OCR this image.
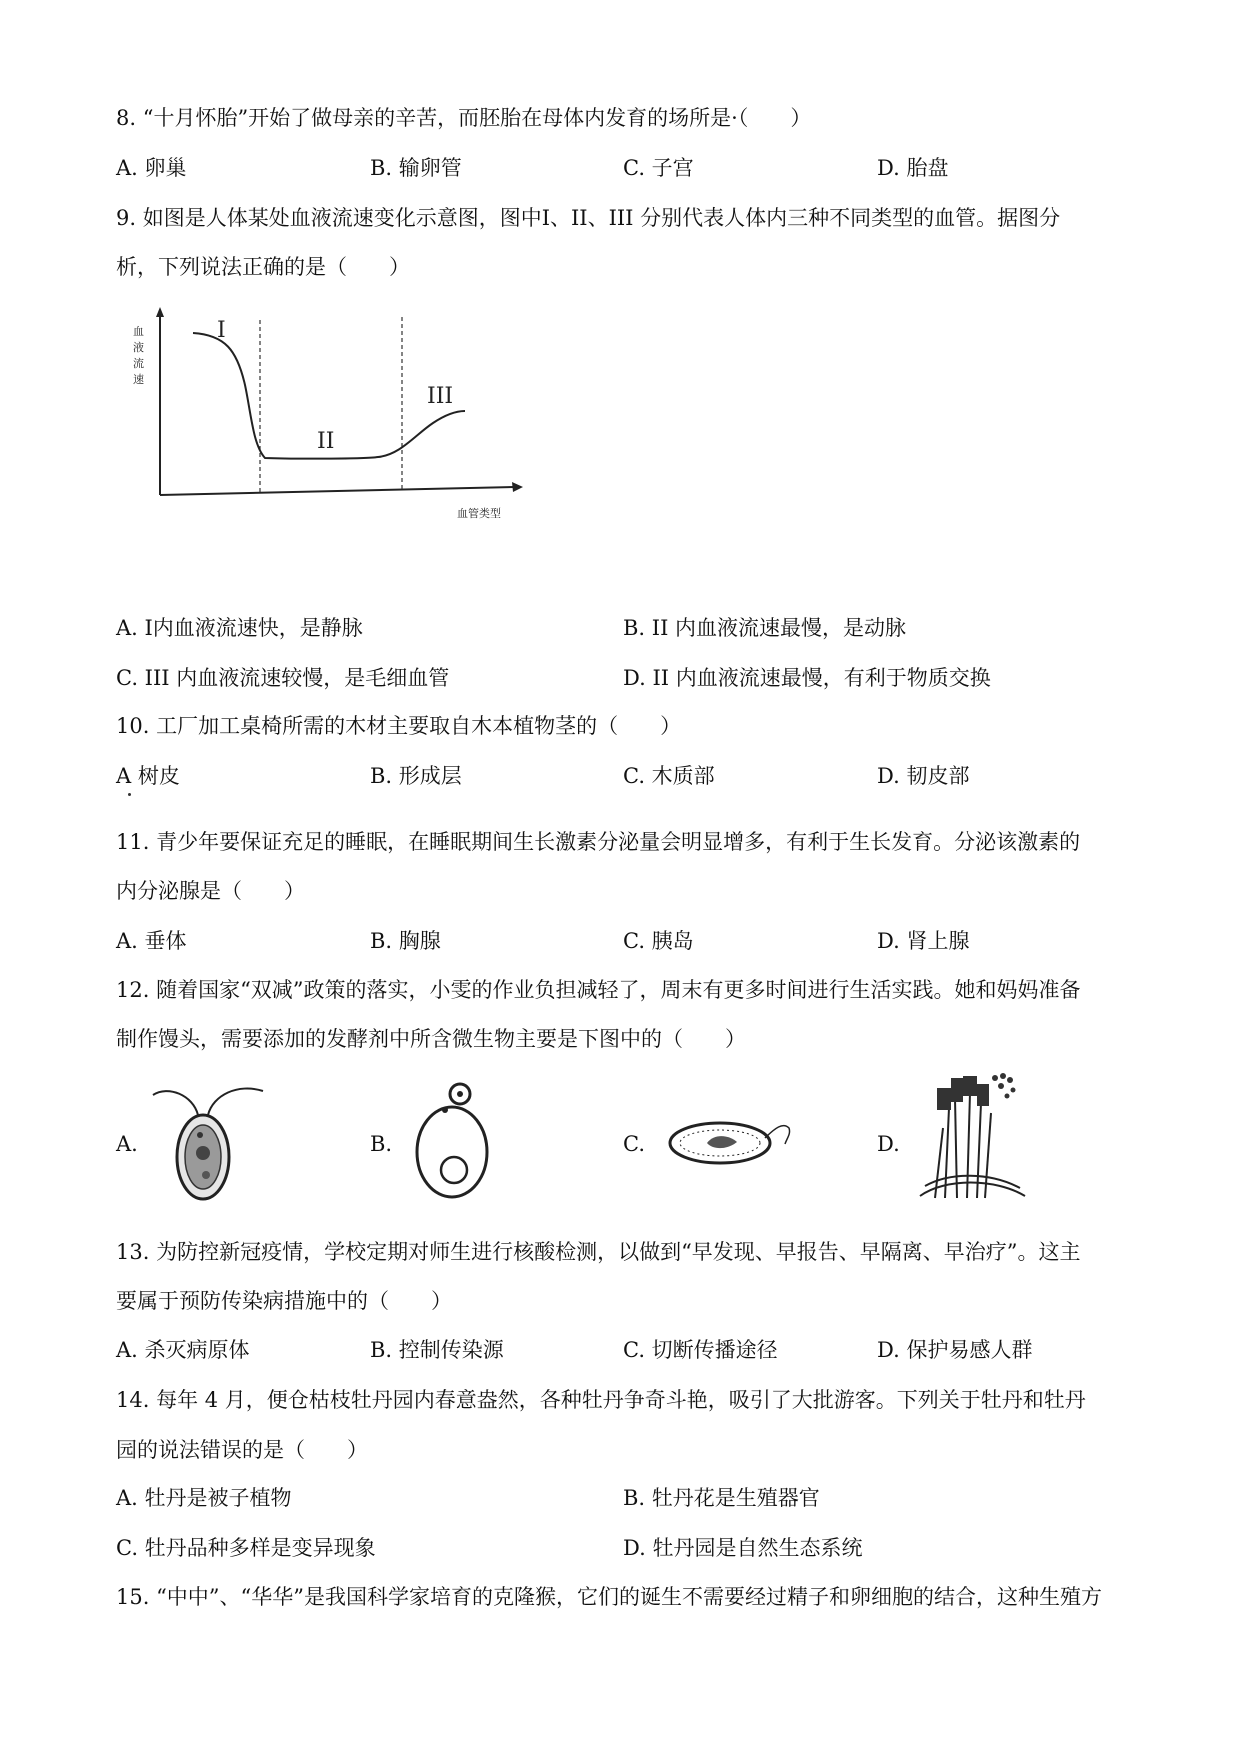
8. “十月怀胎”开始了做母亲的辛苦，而胚胎在母体内发育的场所是·（　　）
A. 卵巢	B. 输卵管	C. 子宫	D. 胎盘
9. 如图是人体某处血液流速变化示意图，图中I、II、III 分别代表人体内三种不同类型的血管。据图分
析，下列说法正确的是（　　）
血
液
流
速
I
II
III
血管类型
A. I内血液流速快，是静脉	B. II 内血液流速最慢，是动脉
C. III 内血液流速较慢，是毛细血管	D. II 内血液流速最慢，有利于物质交换
10. 工厂加工桌椅所需的木材主要取自木本植物茎的（　　）
A 树皮	B. 形成层	C. 木质部	D. 韧皮部
11. 青少年要保证充足的睡眠，在睡眠期间生长激素分泌量会明显增多，有利于生长发育。分泌该激素的
内分泌腺是（　　）
A. 垂体	B. 胸腺	C. 胰岛	D. 肾上腺
12. 随着国家“双减”政策的落实，小雯的作业负担减轻了，周末有更多时间进行生活实践。她和妈妈准备
制作馒头，需要添加的发酵剂中所含微生物主要是下图中的（　　）
A.	B.	C.	D.
13. 为防控新冠疫情，学校定期对师生进行核酸检测，以做到“早发现、早报告、早隔离、早治疗”。这主
要属于预防传染病措施中的（　　）
A. 杀灭病原体	B. 控制传染源	C. 切断传播途径	D. 保护易感人群
14. 每年 4 月，便仓枯枝牡丹园内春意盎然，各种牡丹争奇斗艳，吸引了大批游客。下列关于牡丹和牡丹
园的说法错误的是（　　）
A. 牡丹是被子植物	B. 牡丹花是生殖器官
C. 牡丹品种多样是变异现象	D. 牡丹园是自然生态系统
15. “中中”、“华华”是我国科学家培育的克隆猴，它们的诞生不需要经过精子和卵细胞的结合，这种生殖方
